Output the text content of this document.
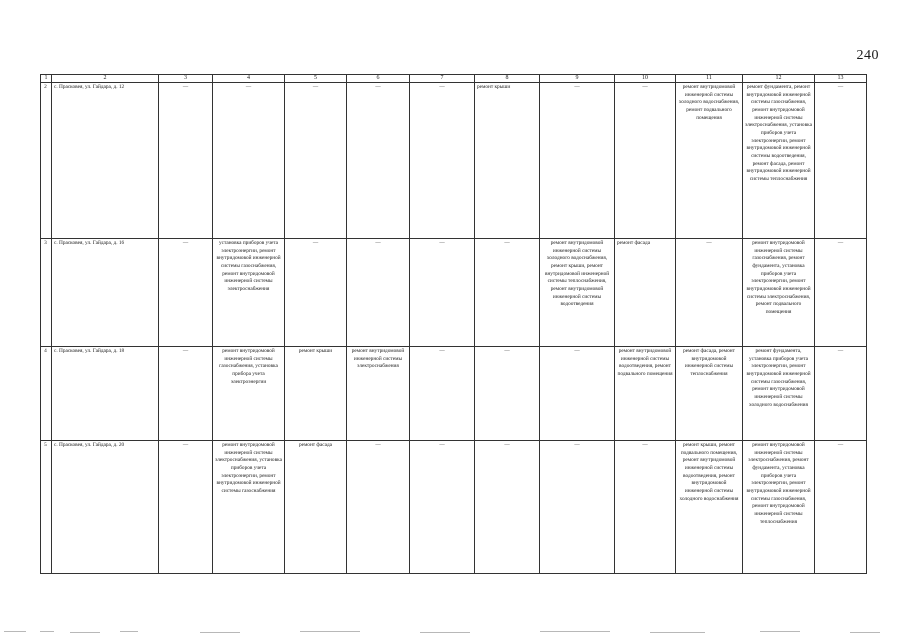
240
1	2	3	4	5	6	7	8	9	10	11	12	13
2	с. Прасковея, ул. Гайдара, д. 12	—	—	—	—	—	ремонт крыши	—	—	ремонт внутридомовой инженерной системы холодного водоснабжения, ремонт подвального помещения	ремонт фундамента, ремонт внутридомовой инженерной системы газоснабжения, ремонт внутридомовой инженерной системы электроснабжения, установка приборов учета электроэнергии, ремонт внутридомовой инженерной системы водоотведения, ремонт фасада, ремонт внутридомовой инженерной системы теплоснабжения	—
3	с. Прасковея, ул. Гайдара, д. 16	—	установка приборов учета электроэнергии, ремонт внутридомовой инженерной системы газоснабжения, ремонт внутридомовой инженерной системы электроснабжения	—	—	—	—	ремонт внутридомовой инженерной системы холодного водоснабжения, ремонт крыши, ремонт внутридомовой инженерной системы теплоснабжения, ремонт внутридомовой инженерной системы водоотведения	ремонт фасада	—	ремонт внутридомовой инженерной системы газоснабжения, ремонт фундамента, установка приборов учета электроэнергии, ремонт внутридомовой инженерной системы электроснабжения, ремонт подвального помещения	—
4	с. Прасковея, ул. Гайдара, д. 18	—	ремонт внутридомовой инженерной системы газоснабжения, установка прибора учета электроэнергии	ремонт крыши	ремонт внутридомовой инженерной системы электроснабжения	—	—	—	ремонт внутридомовой инженерной системы водоотведения, ремонт подвального помещения	ремонт фасада, ремонт внутридомовой инженерной системы теплоснабжения	ремонт фундамента, установка приборов учета электроэнергии, ремонт внутридомовой инженерной системы газоснабжения, ремонт внутридомовой инженерной системы холодного водоснабжения	—
5	с. Прасковея, ул. Гайдара, д. 20	—	ремонт внутридомовой инженерной системы электроснабжения, установка приборов учета электроэнергии, ремонт внутридомовой инженерной системы газоснабжения	ремонт фасада	—	—	—	—	—	ремонт крыши, ремонт подвального помещения, ремонт внутридомовой инженерной системы водоотведения, ремонт внутридомовой инженерной системы холодного водоснабжения	ремонт внутридомовой инженерной системы электроснабжения, ремонт фундамента, установка приборов учета электроэнергии, ремонт внутридомовой инженерной системы газоснабжения, ремонт внутридомовой инженерной системы теплоснабжения	—
